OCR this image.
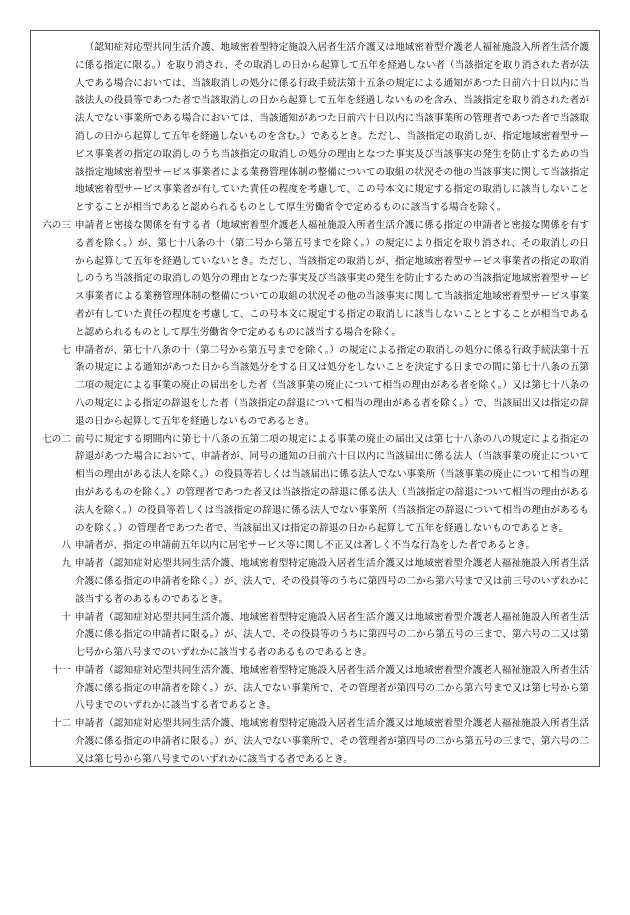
（認知症対応型共同生活介護、地域密着型特定施設入居者生活介護又は地域密着型介護老人福祉施設入所者生活介護に係る指定に限る。）を取り消され、その取消しの日から起算して五年を経過しない者（当該指定を取り消された者が法人である場合においては、当該取消しの処分に係る行政手続法第十五条の規定による通知があつた日前六十日以内に当該法人の役員等であつた者で当該取消しの日から起算して五年を経過しないものを含み、当該指定を取り消された者が法人でない事業所である場合においては、当該通知があつた日前六十日以内に当該事業所の管理者であつた者で当該取消しの日から起算して五年を経過しないものを含む。）であるとき。ただし、当該指定の取消しが、指定地域密着型サービス事業者の指定の取消しのうち当該指定の取消しの処分の理由となつた事実及び当該事実の発生を防止するための当該指定地域密着型サービス事業者による業務管理体制の整備についての取組の状況その他の当該事実に関して当該指定地域密着型サービス事業者が有していた責任の程度を考慮して、この号本文に規定する指定の取消しに該当しないこととすることが相当であると認められるものとして厚生労働省令で定めるものに該当する場合を除く。
六の三 申請者と密接な関係を有する者（地域密着型介護老人福祉施設入所者生活介護に係る指定の申請者と密接な関係を有する者を除く。）が、第七十八条の十（第二号から第五号までを除く。）の規定により指定を取り消され、その取消しの日から起算して五年を経過していないとき。ただし、当該指定の取消しが、指定地域密着型サービス事業者の指定の取消しのうち当該指定の取消しの処分の理由となつた事実及び当該事実の発生を防止するための当該指定地域密着型サービス事業者による業務管理体制の整備についての取組の状況その他の当該事実に関して当該指定地域密着型サービス事業者が有していた責任の程度を考慮して、この号本文に規定する指定の取消しに該当しないこととすることが相当であると認められるものとして厚生労働省令で定めるものに該当する場合を除く。
七 申請者が、第七十八条の十（第二号から第五号までを除く。）の規定による指定の取消しの処分に係る行政手続法第十五条の規定による通知があつた日から当該処分をする日又は処分をしないことを決定する日までの間に第七十八条の五第二項の規定による事業の廃止の届出をした者（当該事業の廃止について相当の理由がある者を除く。）又は第七十八条の八の規定による指定の辞退をした者（当該指定の辞退について相当の理由がある者を除く。）で、当該届出又は指定の辞退の日から起算して五年を経過しないものであるとき。
七の二 前号に規定する期間内に第七十八条の五第二項の規定による事業の廃止の届出又は第七十八条の八の規定による指定の辞退があつた場合において、申請者が、同号の通知の日前六十日以内に当該届出に係る法人（当該事業の廃止について相当の理由がある法人を除く。）の役員等若しくは当該届出に係る法人でない事業所（当該事業の廃止について相当の理由があるものを除く。）の管理者であつた者又は当該指定の辞退に係る法人（当該指定の辞退について相当の理由がある法人を除く。）の役員等若しくは当該指定の辞退に係る法人でない事業所（当該指定の辞退について相当の理由があるものを除く。）の管理者であつた者で、当該届出又は指定の辞退の日から起算して五年を経過しないものであるとき。
八 申請者が、指定の申請前五年以内に居宅サービス等に関し不正又は著しく不当な行為をした者であるとき。
九 申請者（認知症対応型共同生活介護、地域密着型特定施設入居者生活介護又は地域密着型介護老人福祉施設入所者生活介護に係る指定の申請者を除く。）が、法人で、その役員等のうちに第四号の二から第六号まで又は前三号のいずれかに該当する者のあるものであるとき。
十 申請者（認知症対応型共同生活介護、地域密着型特定施設入居者生活介護又は地域密着型介護老人福祉施設入所者生活介護に係る指定の申請者に限る。）が、法人で、その役員等のうちに第四号の二から第五号の三まで、第六号の二又は第七号から第八号までのいずれかに該当する者のあるものであるとき。
十一 申請者（認知症対応型共同生活介護、地域密着型特定施設入居者生活介護又は地域密着型介護老人福祉施設入所者生活介護に係る指定の申請者を除く。）が、法人でない事業所で、その管理者が第四号の二から第六号まで又は第七号から第八号までのいずれかに該当する者であるとき。
十二 申請者（認知症対応型共同生活介護、地域密着型特定施設入居者生活介護又は地域密着型介護老人福祉施設入所者生活介護に係る指定の申請者に限る。）が、法人でない事業所で、その管理者が第四号の二から第五号の三まで、第六号の二又は第七号から第八号までのいずれかに該当する者であるとき。
